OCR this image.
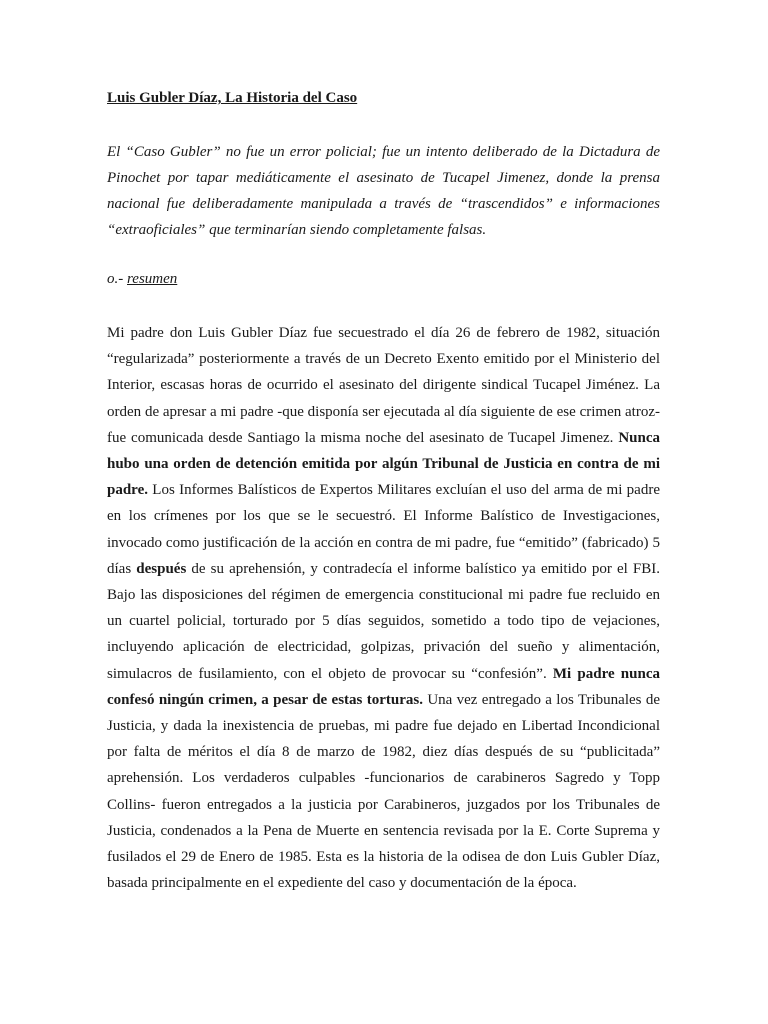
Luis Gubler Díaz, La Historia del Caso

El “Caso Gubler” no fue un error policial; fue un intento deliberado de la Dictadura de Pinochet por tapar mediáticamente el asesinato de Tucapel Jimenez, donde la prensa nacional fue deliberadamente manipulada a través de “trascendidos” e informaciones “extraoficiales” que terminarían siendo completamente falsas.

o.- resumen

Mi padre don Luis Gubler Díaz fue secuestrado el día 26 de febrero de 1982, situación “regularizada” posteriormente a través de un Decreto Exento emitido por el Ministerio del Interior, escasas horas de ocurrido el asesinato del dirigente sindical Tucapel Jiménez. La orden de apresar a mi padre -que disponía ser ejecutada al día siguiente de ese crimen atroz- fue comunicada desde Santiago la misma noche del asesinato de Tucapel Jimenez. Nunca hubo una orden de detención emitida por algún Tribunal de Justicia en contra de mi padre. Los Informes Balísticos de Expertos Militares excluían el uso del arma de mi padre en los crímenes por los que se le secuestró. El Informe Balístico de Investigaciones, invocado como justificación de la acción en contra de mi padre, fue “emitido” (fabricado) 5 días después de su aprehensión, y contradecía el informe balístico ya emitido por el FBI. Bajo las disposiciones del régimen de emergencia constitucional mi padre fue recluido en un cuartel policial, torturado por 5 días seguidos, sometido a todo tipo de vejaciones, incluyendo aplicación de electricidad, golpizas, privación del sueño y alimentación, simulacros de fusilamiento, con el objeto de provocar su “confesión”. Mi padre nunca confesó ningún crimen, a pesar de estas torturas. Una vez entregado a los Tribunales de Justicia, y dada la inexistencia de pruebas, mi padre fue dejado en Libertad Incondicional por falta de méritos el día 8 de marzo de 1982, diez días después de su “publicitada” aprehensión. Los verdaderos culpables -funcionarios de carabineros Sagredo y Topp Collins- fueron entregados a la justicia por Carabineros, juzgados por los Tribunales de Justicia, condenados a la Pena de Muerte en sentencia revisada por la E. Corte Suprema y fusilados el 29 de Enero de 1985. Esta es la historia de la odisea de don Luis Gubler Díaz, basada principalmente en el expediente del caso y documentación de la época.
